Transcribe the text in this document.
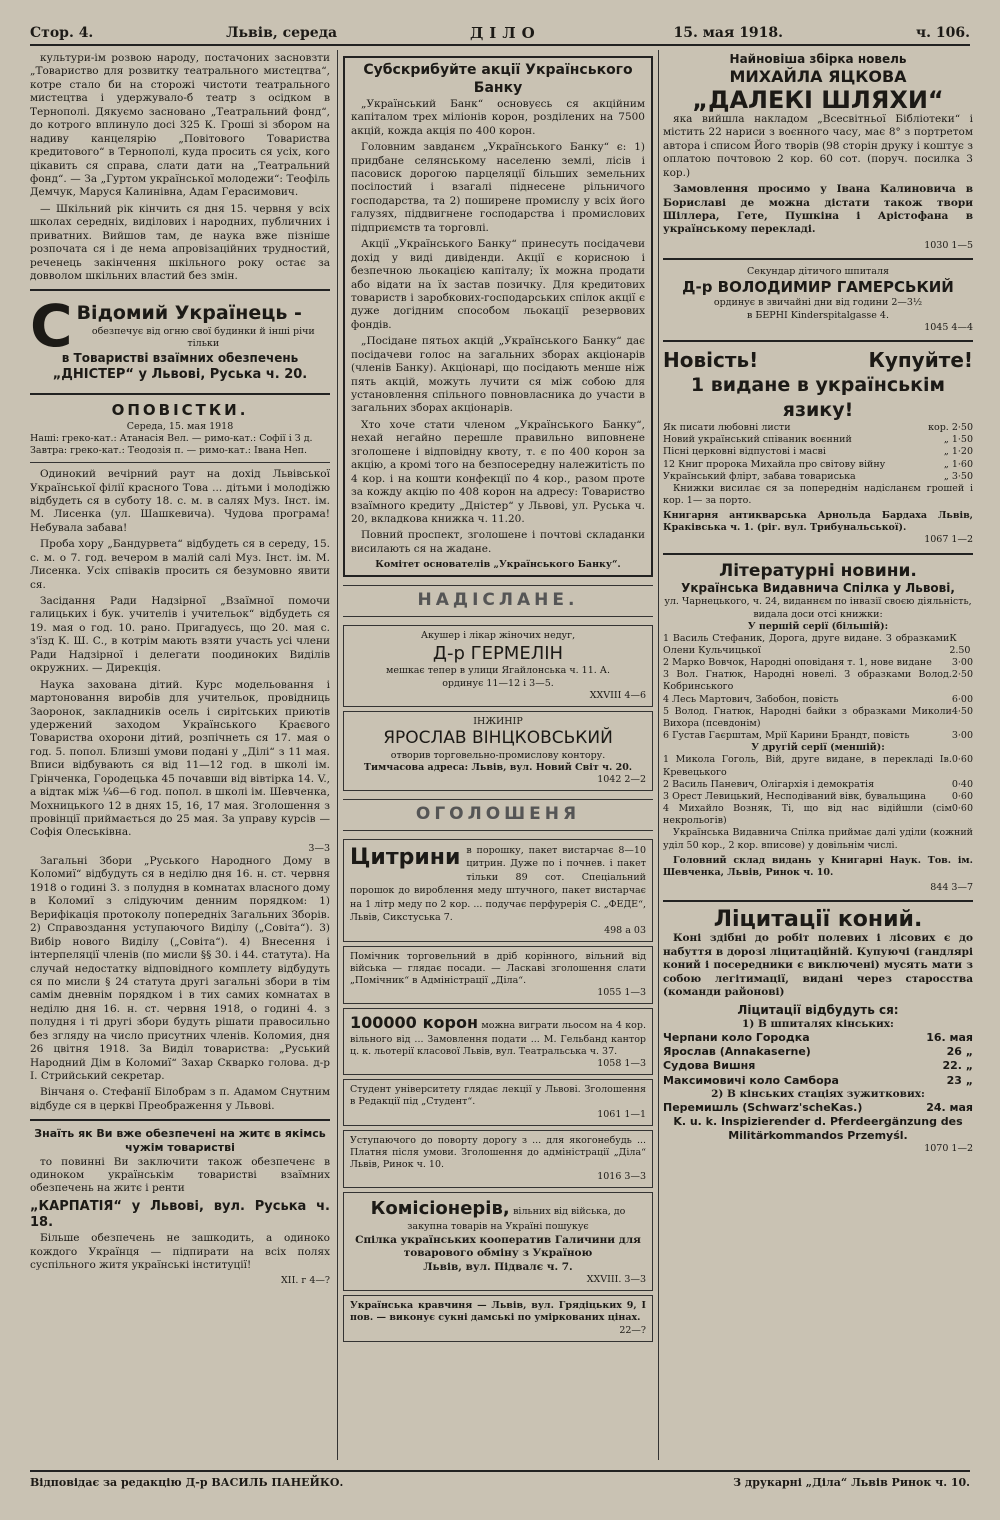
Стор. 4.	Львів, середа	ДІЛО	15. мая 1918.	ч. 106.

культури-ім розвою народу, постачоних засновзти „Товариство для розвитку театрального мистецтва“, котре стало би на сторожі чистоти театрального мистецтва і удержувало-б театр з осідком в Тернополі. Дякуємо засновано „Театральний фонд“, до котрого вплинуло досі 325 К. Гроші зі збором на надиву канцелярію „Повітового Товариства кредитового“ в Тернополі, куда просить ся усіх, кого цікавить ся справа, слати дати на „Театральний фонд“. — За „Гуртом української молодежи“: Теофіль Демчук, Маруся Калинівна, Адам Герасимович.

— Шкільний рік кінчить ся дня 15. червня у всіх школах середніх, виділових і народних, публичних і приватних. Вийшов там, де наука вже пізніше розпочата ся і де нема апровізаційних трудностий, реченець закінчення шкільного року остає за довволом шкільних властий без змін.

С Відомий Українець -
обезпечує від огню свої будинки й інші річи тільки
в Товаристві взаїмних обезпечень
„ДНІСТЕР“ у Львові, Руська ч. 20.
ОПОВІСТКИ.
Середа, 15. мая 1918
Наші: греко-кат.: Атанасія Вел. — римо-кат.: Софії і З д.
Завтра: греко-кат.: Теодозія п. — римо-кат.: Івана Неп.

Одинокий вечірний раут на дохід Львівської Української філії красного Това ... дітьми і молодіжю відбудеть ся в суботу 18. с. м. в салях Муз. Інст. ім. М. Лисенка (ул. Шашкевича). Чудова програма! Небувала забава!

Проба хору „Бандурвета“ відбудеть ся в середу, 15. с. м. о 7. год. вечером в малій салі Муз. Інст. ім. М. Лисенка. Усіх співаків просить ся безумовно явити ся.

Засідання Ради Надзірної „Взаїмної помочи галицьких і бук. учителів і учительок“ відбудеть ся 19. мая о год. 10. рано. Пригадуєсь, що 20. мая с. з'їзд К. Ш. С., в котрім мають взяти участь усі члени Ради Надзірної і делегати поодиноких Виділів окружних. — Дирекція.

Наука захована дітий. Курс модельовання і мартоновання виробів для учительок, провідниць Заоронок, закладників осель і сирітських приютів удержений заходом Українського Краєвого Товариства охорони дітий, розпічнеть ся 17. мая о год. 5. попол. Близші умови подані у „Ділі“ з 11 мая. Вписи відбувають ся від 11—12 год. в школі ім. Грінченка, Городецька 45 почавши від вівтірка 14. V., а відтак між ¼6—6 год. попол. в школі ім. Шевченка, Мохницького 12 в днях 15, 16, 17 мая. Зголошення з провінції приймається до 25 мая. За управу курсів — Софія Олеськівна.

3—3

Загальні Збори „Руського Народного Дому в Коломиї“ відбудуть ся в неділю дня 16. н. ст. червня 1918 о годині 3. з полудня в комнатах власного дому в Коломиї з слідуючим денним порядком: 1) Верифікація протоколу попередніх Загальних Зборів. 2) Справоздання уступаючого Виділу („Совіта“). 3) Вибір нового Виділу („Совіта“). 4) Внесення і інтерпеляції членів (по мисли §§ 30. і 44. статута). На случай недостатку відповідного комплету відбудуть ся по мисли § 24 статута другі загальні збори в тім самім дневнім порядком і в тих самих комнатах в неділю дня 16. н. ст. червня 1918, о годині 4. з полудня і ті другі збори будуть рішати правосильно без згляду на число присутних членів. Коломия, дня 26 цвітня 1918. За Виділ товариства: „Руський Народний Дім в Коломиї“ Захар Скварко голова. д-р І. Стрийський секретар.

Вінчаня о. Стефанії Білобрам з п. Адамом Снутним відбуде ся в церкві Преображення у Львові.

Знаїть як Ви вже обезпечені на житє в якімсь чужім товаристві

то повинні Ви заключити також обезпеченє в одиноком українськім товаристві взаїмних обезпечень на житє і ренти

„КАРПАТІЯ“ у Львові, вул. Руська ч. 18.

Більше обезпечень не зашкодить, а одиноко кождого Українця — підпирати на всіх полях суспільного житя українські інституції!

XII. г 4—?
Субскрибуйте акції Українського Банку

„Український Банк“ основуєсь ся акційним капіталом трех міліонів корон, розділених на 7500 акцій, кожда акція по 400 корон.

Головним завданєм „Українського Банку“ є: 1) придбане селянському населеню землі, лісів і пасовиск дорогою парцеляції більших земельних посілостий і взагалі піднесене рільничого господарства, та 2) поширене промислу у всіх його галузях, піддвигнене господарства і промислових підприємств та торговлі.

Акції „Українського Банку“ принесуть посідачеви дохід у виді дивіденди. Акції є корисною і безпечною льокацією капіталу; їх можна продати або відати на їх застав позичку. Для кредитових товариств і заробкових-господарських спілок акції є дуже догідним способом льокації резервових фондів.

„Посідане пятьох акцій „Українського Банку“ дає посідачеви голос на загальних зборах акціонарів (членів Банку). Акціонарі, що посідають менше ніж пять акцій, можуть лучити ся між собою для установлення спільного повновласника до участи в загальних зборах акціонарів.

Хто хоче стати членом „Українського Банку“, нехай негайно перешле правильно виповнене зголошене і відповідну квоту, т. є по 400 корон за акцію, а кромі того на безпосередну належитість по 4 кор. і на кошти конфекції по 4 кор., разом проте за кожду акцію по 408 корон на адресу: Товариство взаїмного кредиту „Дністер“ у Львові, ул. Руська ч. 20, вкладкова книжка ч. 11.20.

Повний проспект, зголошене і почтові складанки висилають ся на жадане.

Комітет основателів „Українського Банку“.
НАДІСЛАНЕ.
Акушер і лікар жіночих недуг,
Д-р ГЕРМЕЛІН
мешкає тепер в улици Ягайлонська ч. 11. А.
ординує 11—12 і 3—5.
XXVIII 4—6
ІНЖИНІР
ЯРОСЛАВ ВІНЦКОВСЬКИЙ
отворив торговельно-промислову контору.
Тимчасова адреса: Львів, вул. Новий Світ ч. 20.
1042 2—2
ОГОЛОШЕНЯ
Цитрини в порошку, пакет вистарчає 8—10 цитрин. Дуже по і почнев. і пакет тільки 89 сот. Спеціальний порошок до вироблення меду штучного, пакет вистарчає на 1 літр меду по 2 кор. ... подучає перфурерія С. „ФЕДЕ“, Львів, Сикстуська 7.
498 а 03
Помічник торговельний в дріб корінного, вільний від війська — глядає посади. — Ласкаві зголошення слати „Помічник“ в Адміністрації „Діла“.
1055 1—3
100000 корон можна виграти льосом на 4 кор. вільного від ... Замовлення подати ... М. Гельбанд кантор ц. к. льотерії класової Львів, вул. Театральська ч. 37.
1058 1—3
Студент університету глядає лекції у Львові. Зголошення в Редакції під „Студент“.
1061 1—1
Уступаючого до поворту дорогу з ... для якогонебудь ... Платня після умови. Зголошення до адміністрації „Діла“ Львів, Ринок ч. 10.
1016 3—3
Комісіонерів, вільних від війська, до закупна товарів на Україні пошукує
Спілка українських кооператив Галичини для товарового обміну з Україною
Львів, вул. Підвалє ч. 7.
XXVIII. 3—3
Українська кравчиня — Львів, вул. Грядіцьких 9, І пов. — виконує сукні дамські по уміркованих цінах.
22—?
Найновіша збірка новель
МИХАЙЛА ЯЦКОВА
„ДАЛЕКІ ШЛЯХИ“

яка вийшла накладом „Всесвітньої Бібліотеки“ і містить 22 нариси з воєнного часу, має 8° з портретом автора і списом Його творів (98 сторін друку і коштує з оплатою почтовою 2 кор. 60 сот. (поруч. посилка 3 кор.)

Замовлення просимо у Івана Калиновича в Бориславі де можна дістати також твори Шіллера, Гете, Пушкіна і Арістофана в українському перекладі.

1030 1—5
Секундар дітичого шпиталя
Д-р ВОЛОДИМИР ГАМЕРСЬКИЙ
ординує в звичайні дни від години 2—3½
в БЕРНІ Kinderspitalgasse 4.
1045 4—4
Новість!	Купуйте!
1 видане в українськім язику!
Як писати любовні листи	кор. 2·50
Новий український співаник воєнний	„ 1·50
Пісні церковні відпустові і масві	„ 1·20
12 Книг пророка Михайла про світову війну	„ 1·60
Український флірт, забава товариська	„ 3·50

Книжки висилає ся за попереднім надісланєм грошей і кор. 1— за порто.

Книгарня антикварська Арнольда Бардаха Львів, Краківська ч. 1. (ріг. вул. Трибунальської).
1067 1—2
Літературні новини.
Українська Видавнича Спілка у Львові,
ул. Чарнецького, ч. 24, виданнєм по інвазії своєю діяльність, видала доси отсі книжки:
У першій серії (більшій):
1 Василь Стефаник, Дорога, друге видане. З образками Олени Кульчицької
К 2.50
2 Марко Вовчок, Народні оповіданя т. 1, нове видане 3·00
3 Вол. Гнатюк, Народні новелі. З образками Волод. Кобринського
2·50
4 Лесь Мартович, Забобон, повість	6·00
5 Волод. Гнатюк, Народні байки з образками Миколи Вихора (псевдонім)
4·50
6 Густав Гаєрштам, Мрії Карини Брандт, повість	3·00
У другій серії (меншій):
1 Микола Гоголь, Вій, друге видане, в перекладі Ів. Кревецького
0·60
2 Василь Паневич, Олігархія і демократія	0·40
3 Орест Левицький, Несподіваний вівк, бувальщина	0·60
4 Михайло Возняк, Ті, що від нас відійшли (сім некрольогів)
0·60

Українська Видавнича Спілка приймає далі уділи (кожний уділ 50 кор., 2 кор. вписове) у довільнім числі.

Головний склад видань у Книгарні Наук. Тов. ім. Шевченка, Львів, Ринок ч. 10.

844 3—7
Ліцитації коний.

Коні здібні до робіт полевих і лісових є до набуття в дорозі ліцитаційній. Купуючі (гандлярі коний і посередники є виключені) мусять мати з собою легітимації, видані через старосства (команди районові)

Ліцитації відбудуть ся:
1) В шпиталях кінських:
Черпани коло Городка	16. мая
Ярослав (Annakaserne)	26 „
Судова Вишня	22. „
Максимовичі коло Самбора	23 „
2) В кінських стаціях зужиткових:
Перемишль (Schwarz'scheKas.)	24. мая
K. u. k. Inspizierender d. Pferdeergänzung des Militärkommandos Przemyśl.
1070 1—2
Відповідає за редакцію Д-р ВАСИЛЬ ПАНЕЙКО.	З друкарні „Діла“ Львів Ринок ч. 10.
